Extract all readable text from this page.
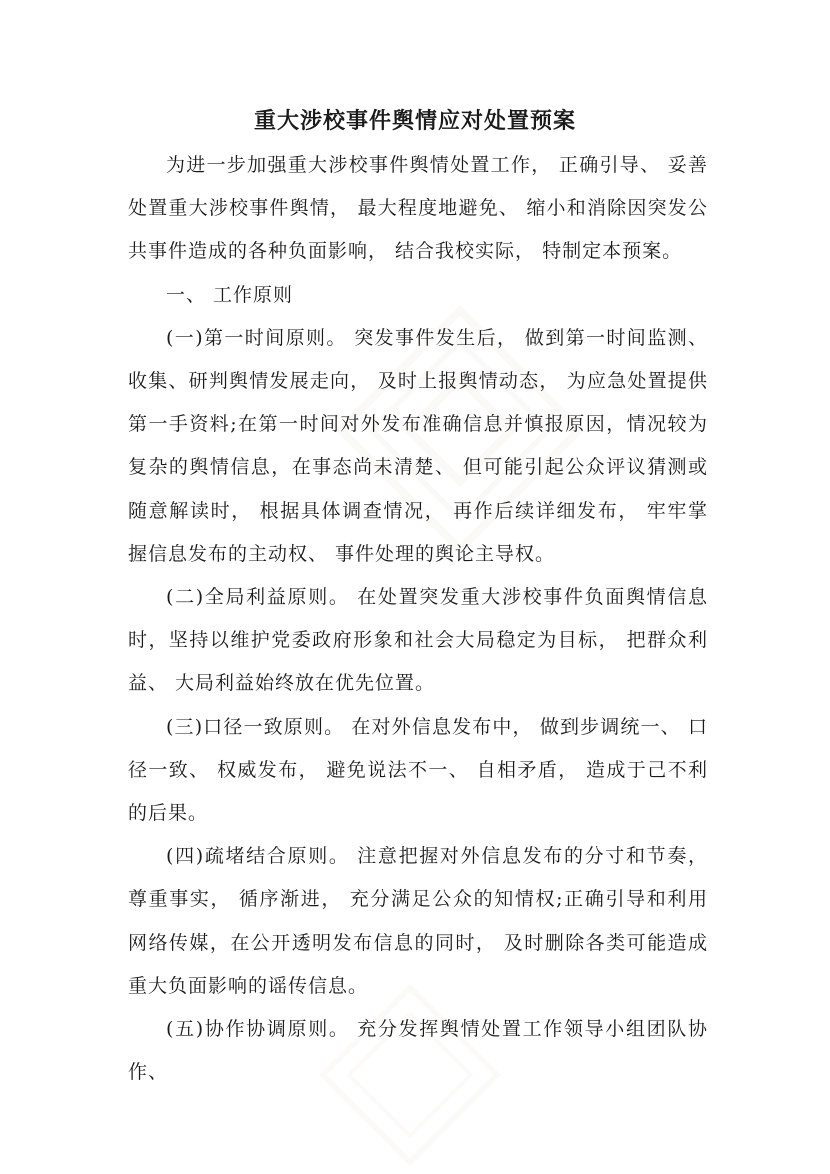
重大涉校事件舆情应对处置预案

为进一步加强重大涉校事件舆情处置工作， 正确引导、 妥善处置重大涉校事件舆情， 最大程度地避免、 缩小和消除因突发公共事件造成的各种负面影响， 结合我校实际， 特制定本预案。

一、 工作原则

(一)第一时间原则。 突发事件发生后， 做到第一时间监测、 收集、研判舆情发展走向， 及时上报舆情动态， 为应急处置提供第一手资料;在第一时间对外发布准确信息并慎报原因，情况较为复杂的舆情信息，在事态尚未清楚、 但可能引起公众评议猜测或随意解读时， 根据具体调查情况， 再作后续详细发布， 牢牢掌握信息发布的主动权、 事件处理的舆论主导权。

(二)全局利益原则。 在处置突发重大涉校事件负面舆情信息时，坚持以维护党委政府形象和社会大局稳定为目标， 把群众利益、 大局利益始终放在优先位置。

(三)口径一致原则。 在对外信息发布中， 做到步调统一、 口径一致、 权威发布， 避免说法不一、 自相矛盾， 造成于己不利的后果。

(四)疏堵结合原则。 注意把握对外信息发布的分寸和节奏， 尊重事实， 循序渐进， 充分满足公众的知情权;正确引导和利用网络传媒，在公开透明发布信息的同时， 及时删除各类可能造成重大负面影响的谣传信息。

(五)协作协调原则。 充分发挥舆情处置工作领导小组团队协作、
